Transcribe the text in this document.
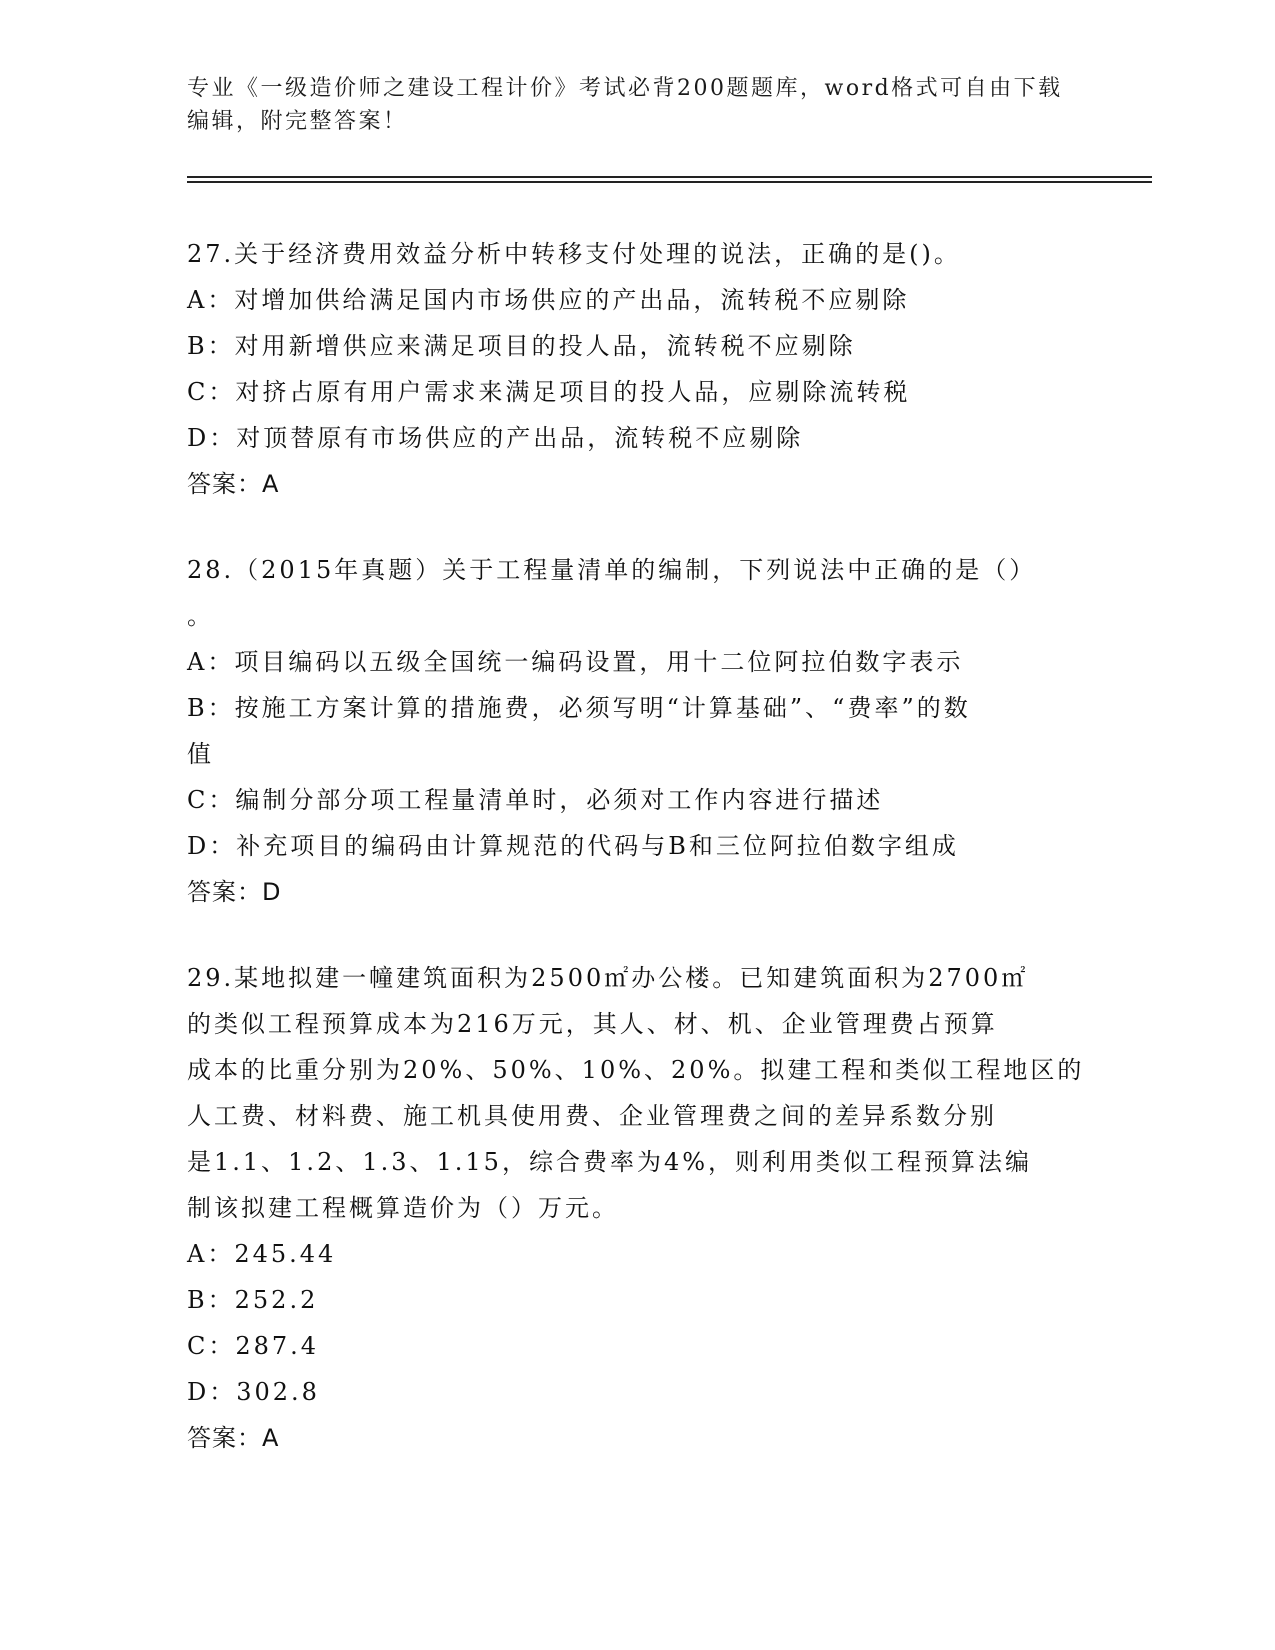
专业《一级造价师之建设工程计价》考试必背200题题库，word格式可自由下载编辑，附完整答案！
27.关于经济费用效益分析中转移支付处理的说法，正确的是()。
A：对增加供给满足国内市场供应的产出品，流转税不应剔除
B：对用新增供应来满足项目的投人品，流转税不应剔除
C：对挤占原有用户需求来满足项目的投人品，应剔除流转税
D：对顶替原有市场供应的产出品，流转税不应剔除
答案：A
28.（2015年真题）关于工程量清单的编制，下列说法中正确的是（）
。
A：项目编码以五级全国统一编码设置，用十二位阿拉伯数字表示
B：按施工方案计算的措施费，必须写明“计算基础”、“费率”的数
值
C：编制分部分项工程量清单时，必须对工作内容进行描述
D：补充项目的编码由计算规范的代码与B和三位阿拉伯数字组成
答案：D
29.某地拟建一幢建筑面积为2500㎡办公楼。已知建筑面积为2700㎡
的类似工程预算成本为216万元，其人、材、机、企业管理费占预算
成本的比重分别为20%、50%、10%、20%。拟建工程和类似工程地区的
人工费、材料费、施工机具使用费、企业管理费之间的差异系数分别
是1.1、1.2、1.3、1.15，综合费率为4%，则利用类似工程预算法编
制该拟建工程概算造价为（）万元。
A：245.44
B：252.2
C：287.4
D：302.8
答案：A
